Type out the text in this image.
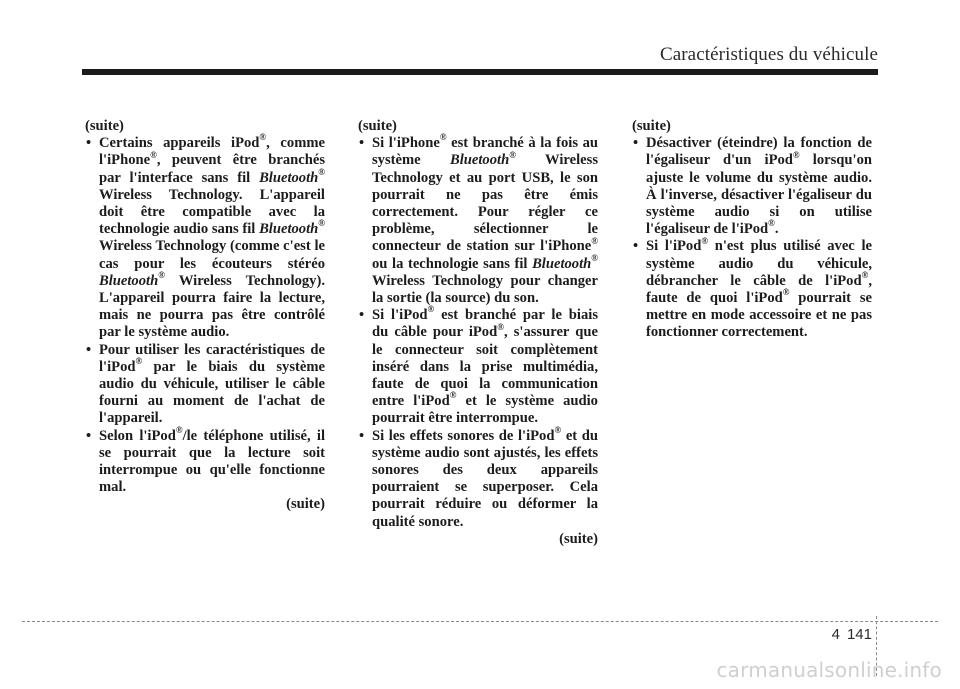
Caractéristiques du véhicule

(suite)

• Certains appareils iPod®, comme l'iPhone®, peuvent être branchés par l'interface sans fil Bluetooth® Wireless Technology. L'appareil doit être compatible avec la technologie audio sans fil Bluetooth® Wireless Technology (comme c'est le cas pour les écouteurs stéréo Bluetooth® Wireless Technology). L'appareil pourra faire la lecture, mais ne pourra pas être contrôlé par le système audio.
• Pour utiliser les caractéristiques de l'iPod® par le biais du système audio du véhicule, utiliser le câble fourni au moment de l'achat de l'appareil.
• Selon l'iPod®/le téléphone utilisé, il se pourrait que la lecture soit interrompue ou qu'elle fonctionne mal.

(suite)

(suite)

• Si l'iPhone® est branché à la fois au système Bluetooth® Wireless Technology et au port USB, le son pourrait ne pas être émis correctement. Pour régler ce problème, sélectionner le connecteur de station sur l'iPhone® ou la technologie sans fil Bluetooth® Wireless Technology pour changer la sortie (la source) du son.
• Si l'iPod® est branché par le biais du câble pour iPod®, s'assurer que le connecteur soit complètement inséré dans la prise multimédia, faute de quoi la communication entre l'iPod® et le système audio pourrait être interrompue.
• Si les effets sonores de l'iPod® et du système audio sont ajustés, les effets sonores des deux appareils pourraient se superposer. Cela pourrait réduire ou déformer la qualité sonore.

(suite)

(suite)

• Désactiver (éteindre) la fonction de l'égaliseur d'un iPod® lorsqu'on ajuste le volume du système audio. À l'inverse, désactiver l'égaliseur du système audio si on utilise l'égaliseur de l'iPod®.
• Si l'iPod® n'est plus utilisé avec le système audio du véhicule, débrancher le câble de l'iPod®, faute de quoi l'iPod® pourrait se mettre en mode accessoire et ne pas fonctionner correctement.

4 141
carmanualsonline.info
